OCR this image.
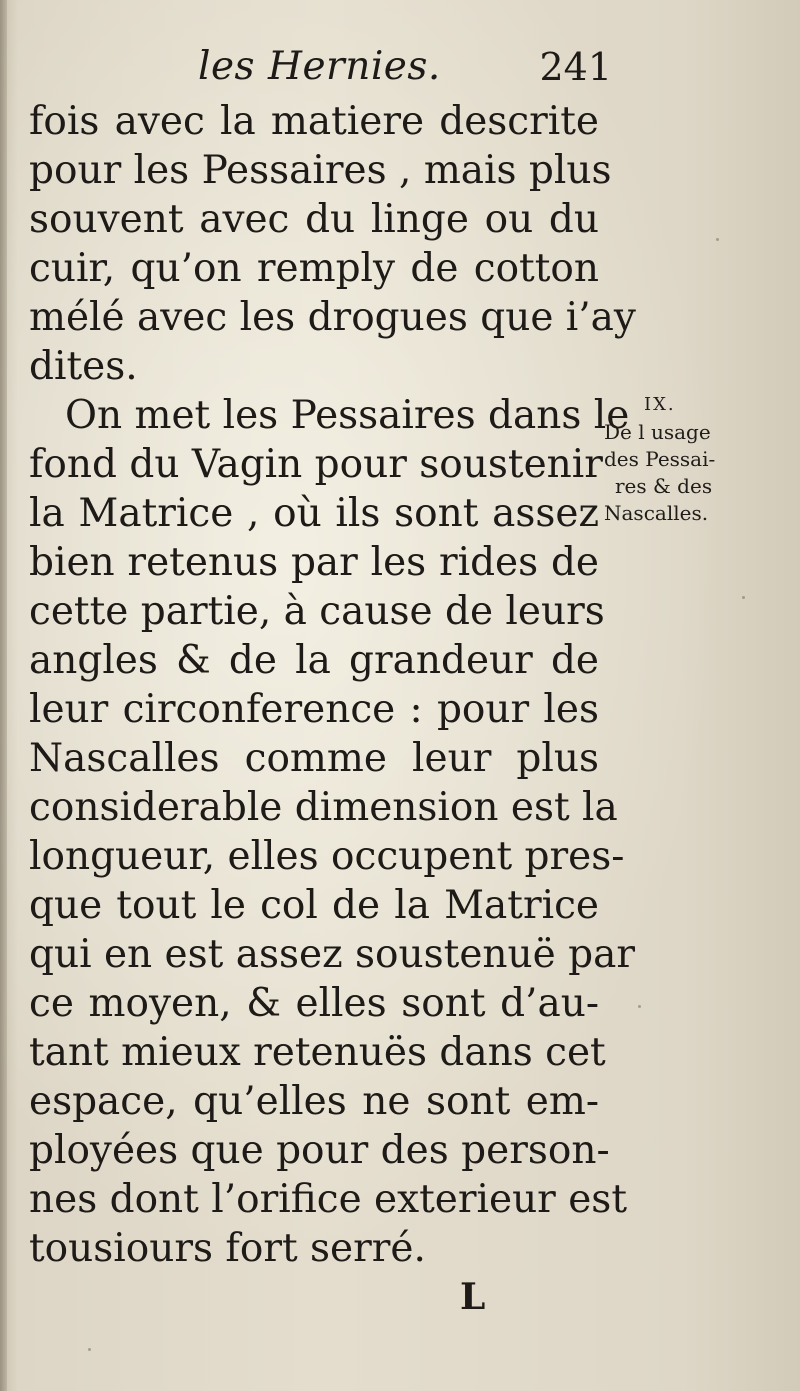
les Hernies.	241
fois avec la matiere descrite
pour les Pessaires , mais plus
souvent avec du linge ou du
cuir, qu’on remply de cotton
mélé avec les drogues que i’ay
dites.
On met les Pessaires dans le
fond du Vagin pour soustenir
la Matrice , où ils sont assez
bien retenus par les rides de
cette partie, à cause de leurs
angles & de la grandeur de
leur circonference : pour les
Nascalles comme leur plus
considerable dimension est la
longueur, elles occupent pres-
que tout le col de la Matrice
qui en est assez soustenuë par
ce moyen, & elles sont d’au-
tant mieux retenuës dans cet
espace, qu’elles ne sont em-
ployées que pour des person-
nes dont l’orifice exterieur est
tousiours fort serré.
IX.
De l usage
des Pessai-
res & des
Nascalles.
L
